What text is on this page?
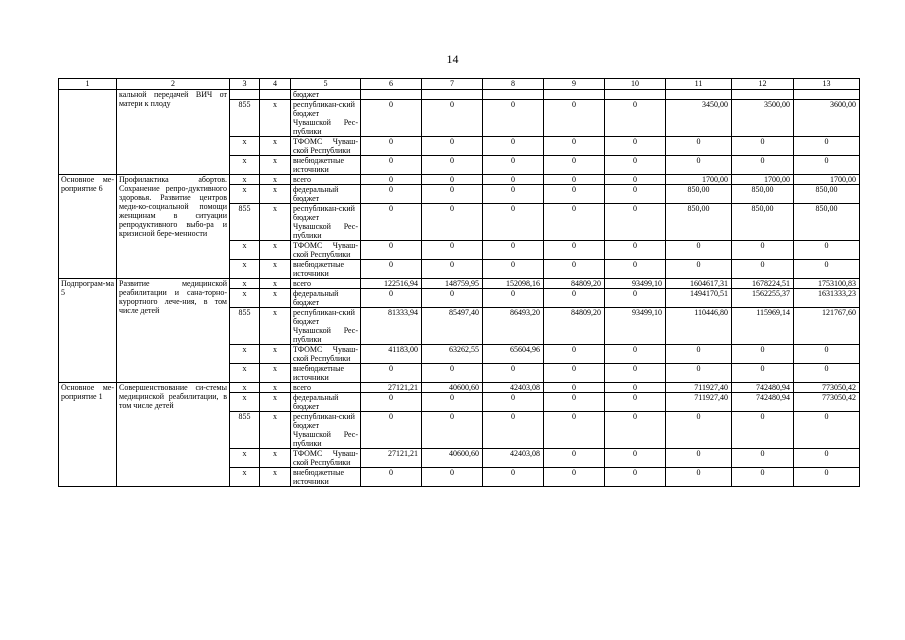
14
1	2	3	4	5	6	7	8	9	10	11	12	13
	кальной передачей ВИЧ от матери к плоду			бюджет								
		855	х	республикан-ский бюджет Чувашской Рес-публики	0	0	0	0	0	3450,00	3500,00	3600,00
		х	х	ТФОМС Чуваш-ской Республики	0	0	0	0	0	0	0	0
		х	х	внебюджетные источники	0	0	0	0	0	0	0	0
Основное ме-роприятие 6	Профилактика абортов. Сохранение репро-дуктивного здоровья. Развитие центров меди-ко-социальной помощи женщинам в ситуации репродуктивного выбо-ра и кризисной бере-менности	х	х	всего	0	0	0	0	0	1700,00	1700,00	1700,00
		х	х	федеральный бюджет	0	0	0	0	0	850,00	850,00	850,00
		855	х	республикан-ский бюджет Чувашской Рес-публики	0	0	0	0	0	850,00	850,00	850,00
		х	х	ТФОМС Чуваш-ской Республики	0	0	0	0	0	0	0	0
		х	х	внебюджетные источники	0	0	0	0	0	0	0	0
Подпрограм-ма 5	Развитие медицинской реабилитации и сана-торно-курортного лече-ния, в том числе детей	х	х	всего	122516,94	148759,95	152098,16	84809,20	93499,10	1604617,31	1678224,51	1753100,83
		х	х	федеральный бюджет	0	0	0	0	0	1494170,51	1562255,37	1631333,23
		855	х	республикан-ский бюджет Чувашской Рес-публики	81333,94	85497,40	86493,20	84809,20	93499,10	110446,80	115969,14	121767,60
		х	х	ТФОМС Чуваш-ской Республики	41183,00	63262,55	65604,96	0	0	0	0	0
		х	х	внебюджетные источники	0	0	0	0	0	0	0	0
Основное ме-роприятие 1	Совершенствование си-стемы медицинской реабилитации, в том числе детей	х	х	всего	27121,21	40600,60	42403,08	0	0	711927,40	742480,94	773050,42
		х	х	федеральный бюджет	0	0	0	0	0	711927,40	742480,94	773050,42
		855	х	республикан-ский бюджет Чувашской Рес-публики	0	0	0	0	0	0	0	0
		х	х	ТФОМС Чуваш-ской Республики	27121,21	40600,60	42403,08	0	0	0	0	0
		х	х	внебюджетные источники	0	0	0	0	0	0	0	0
